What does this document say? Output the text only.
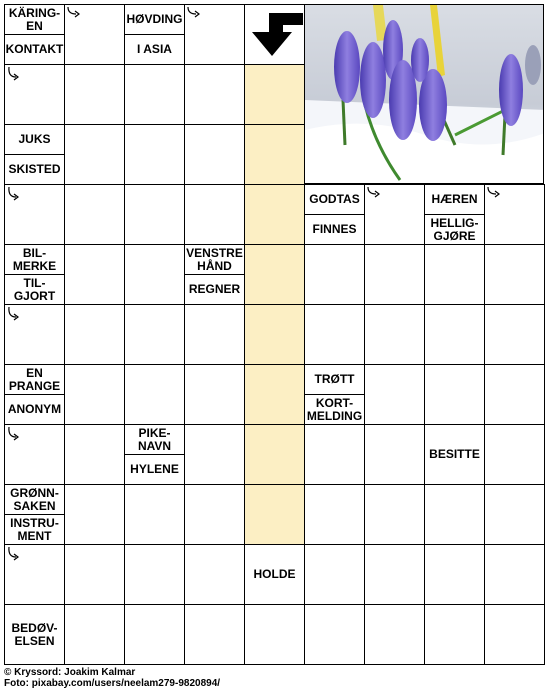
KÄRING-
EN
KONTAKT
HØVDING
I ASIA
JUKS
SKISTED
GODTAS
FINNES
HÆREN
HELLIG-
GJØRE
BIL-
MERKE
TIL-
GJORT
VENSTRE
HÅND
REGNER
EN
PRANGE
ANONYM
TRØTT
KORT-
MELDING
PIKE-
NAVN
HYLENE
BESITTE
GRØNN-
SAKEN
INSTRU-
MENT
HOLDE
BEDØV-
ELSEN
© Kryssord: Joakim Kalmar
Foto: pixabay.com/users/neelam279-9820894/
